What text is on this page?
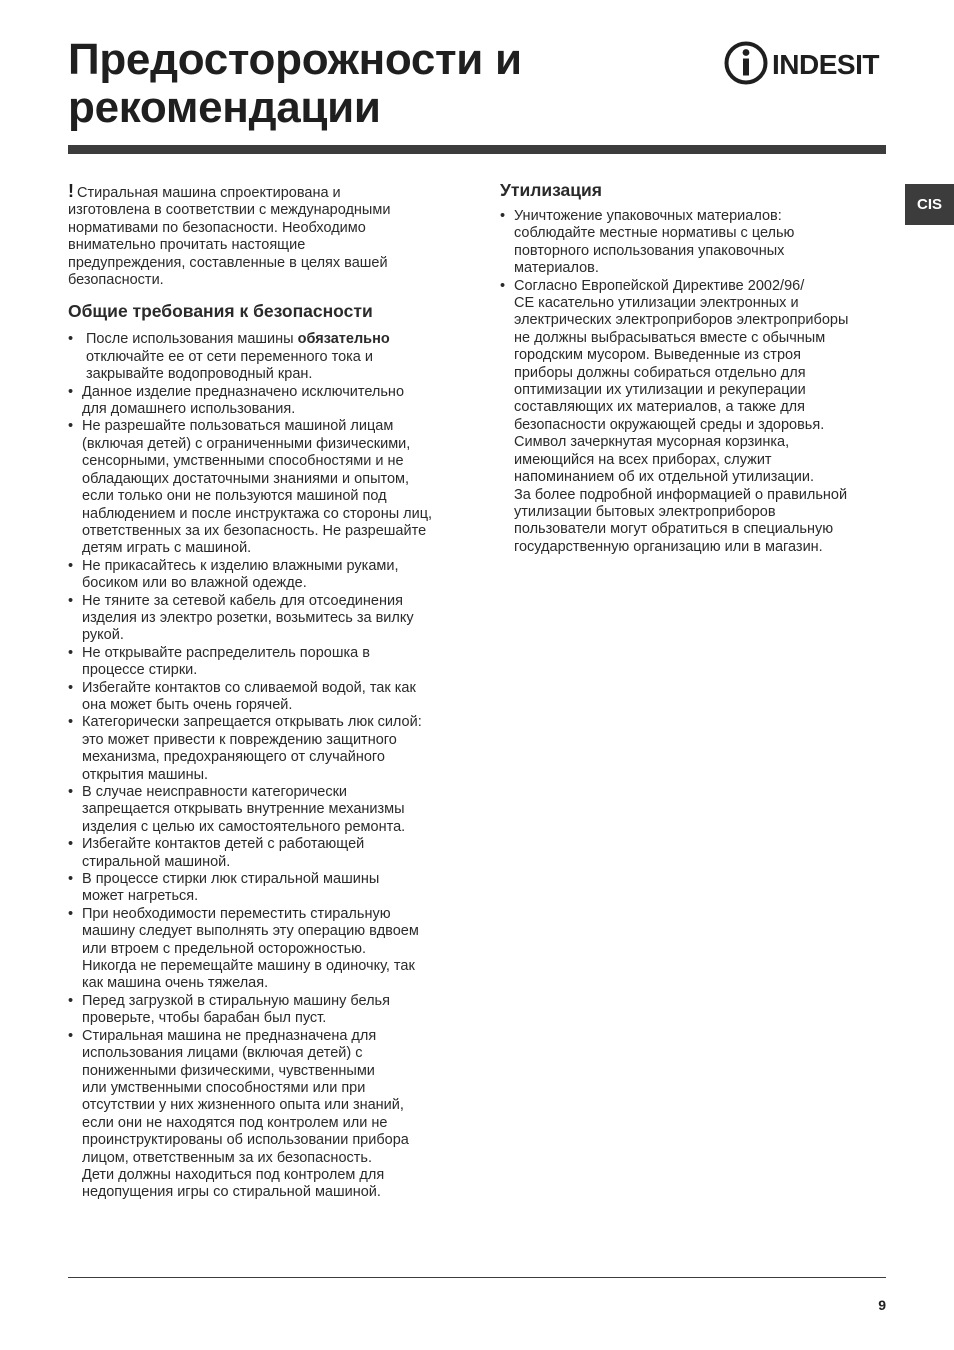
Предосторожности и
рекомендации
INDESIT
CIS

! Стиральная машина спроектирована и
изготовлена в соответствии с международными
нормативами по безопасности. Необходимо
внимательно прочитать настоящие
предупреждения, составленные в целях вашей
безопасности.

Общие требования к безопасности
• После использования машины обязательно
отключайте ее от сети переменного тока и
закрывайте водопроводный кран.
• Данное изделие предназначено исключительно
для домашнего использования.
• Не разрешайте пользоваться машиной лицам
(включая детей) с ограниченными физическими,
сенсорными, умственными способностями и не
обладающих достаточными знаниями и опытом,
если только они не пользуются машиной под
наблюдением и после инструктажа со стороны лиц,
ответственных за их безопасность. Не разрешайте
детям играть с машиной.
• Не прикасайтесь к изделию влажными руками,
босиком или во влажной одежде.
• Не тяните за сетевой кабель для отсоединения
изделия из электро розетки, возьмитесь за вилку
рукой.
• Не открывайте распределитель порошка в
процессе стирки.
• Избегайте контактов со сливаемой водой, так как
она может быть очень горячей.
• Категорически запрещается открывать люк силой:
это может привести к повреждению защитного
механизма, предохраняющего от случайного
открытия машины.
• В случае неисправности категорически
запрещается открывать внутренние механизмы
изделия с целью их самостоятельного ремонта.
• Избегайте контактов детей с работающей
стиральной машиной.
• В процессе стирки люк стиральной машины
может нагреться.
• При необходимости переместить стиральную
машину следует выполнять эту операцию вдвоем
или втроем с предельной осторожностью.
Никогда не перемещайте машину в одиночку, так
как машина очень тяжелая.
• Перед загрузкой в стиральную машину белья
проверьте, чтобы барабан был пуст.
• Стиральная машина не предназначена для
использования лицами (включая детей) с
пониженными физическими, чувственными
или умственными способностями или при
отсутствии у них жизненного опыта или знаний,
если они не находятся под контролем или не
проинструктированы об использовании прибора
лицом, ответственным за их безопасность.
Дети должны находиться под контролем для
недопущения игры со стиральной машиной.
Утилизация
• Уничтожение упаковочных материалов:
соблюдайте местные нормативы с целью
повторного использования упаковочных
материалов.
• Согласно Европейской Директиве 2002/96/
CE касательно утилизации электронных и
электрических электроприборов электроприборы
не должны выбрасываться вместе с обычным
городским мусором. Выведенные из строя
приборы должны собираться отдельно для
оптимизации их утилизации и рекуперации
составляющих их материалов, а также для
безопасности окружающей среды и здоровья.
Символ зачеркнутая мусорная корзинка,
имеющийся на всех приборах, служит
напоминанием об их отдельной утилизации.
За более подробной информацией о правильной
утилизации бытовых электроприборов
пользователи могут обратиться в специальную
государственную организацию или в магазин.
9
